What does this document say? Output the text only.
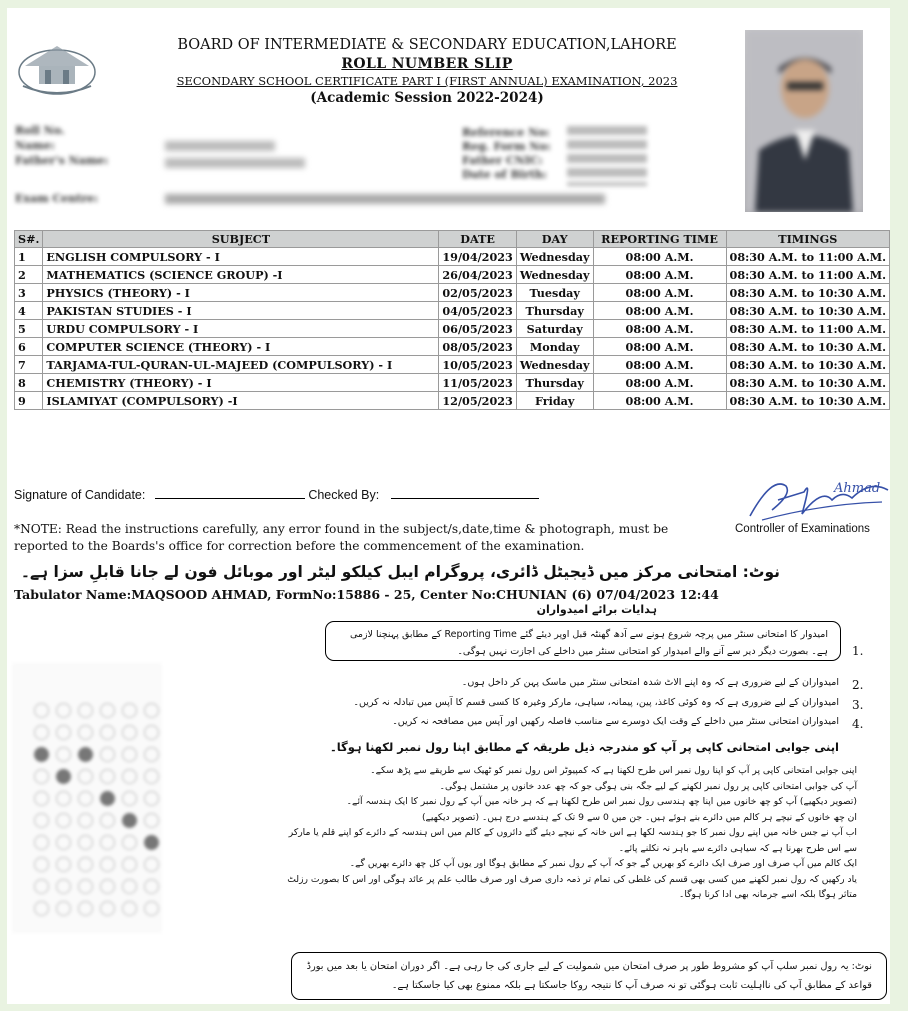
BOARD OF INTERMEDIATE & SECONDARY EDUCATION,LAHORE
ROLL NUMBER SLIP
SECONDARY SCHOOL CERTIFICATE PART I (FIRST ANNUAL) EXAMINATION, 2023
(Academic Session 2022-2024)
Roll No.
Name:
Father's Name:
Exam Centre:
Reference No:
Reg. Form No:
Father CNIC:
Date of Birth:
S#.	SUBJECT	DATE	DAY	REPORTING TIME	TIMINGS
1	ENGLISH COMPULSORY - I	19/04/2023	Wednesday	08:00 A.M.	08:30 A.M. to 11:00 A.M.
2	MATHEMATICS (SCIENCE GROUP) -I	26/04/2023	Wednesday	08:00 A.M.	08:30 A.M. to 11:00 A.M.
3	PHYSICS (THEORY) - I	02/05/2023	Tuesday	08:00 A.M.	08:30 A.M. to 10:30 A.M.
4	PAKISTAN STUDIES - I	04/05/2023	Thursday	08:00 A.M.	08:30 A.M. to 10:30 A.M.
5	URDU COMPULSORY - I	06/05/2023	Saturday	08:00 A.M.	08:30 A.M. to 11:00 A.M.
6	COMPUTER SCIENCE (THEORY) - I	08/05/2023	Monday	08:00 A.M.	08:30 A.M. to 10:30 A.M.
7	TARJAMA-TUL-QURAN-UL-MAJEED (COMPULSORY) - I	10/05/2023	Wednesday	08:00 A.M.	08:30 A.M. to 10:30 A.M.
8	CHEMISTRY (THEORY) - I	11/05/2023	Thursday	08:00 A.M.	08:30 A.M. to 10:30 A.M.
9	ISLAMIYAT (COMPULSORY) -I	12/05/2023	Friday	08:00 A.M.	08:30 A.M. to 10:30 A.M.
Signature of Candidate:	Checked By:	Ahmad
Controller of Examinations
*NOTE: Read the instructions carefully, any error found in the subject/s,date,time & photograph, must be reported to the Boards's office for correction before the commencement of the examination.
نوٹ: امتحانی مرکز میں ڈیجیٹل ڈائری، پروگرام ایبل کیلکو لیٹر اور موبائل فون لے جانا قابلِ سزا ہے۔
Tabulator Name:MAQSOOD AHMAD, FormNo:15886 - 25, Center No:CHUNIAN (6) 07/04/2023 12:44
ہدایات برائے امیدواران
امیدوار کا امتحانی سنٹر میں پرچہ شروع ہونے سے آدھ گھنٹہ قبل اوپر دیئے گئے Reporting Time کے مطابق پہنچنا لازمی ہے۔ بصورت دیگر دیر سے آنے والے امیدوار کو امتحانی سنٹر میں داخلے کی اجازت نہیں ہوگی۔	1.
امیدواران کے لیے ضروری ہے کہ وہ اپنے الاٹ شدہ امتحانی سنٹر میں ماسک پہن کر داخل ہوں۔ 2.
امیدواران کے لیے ضروری ہے کہ وہ کوئی کاغذ، پین، پیمانہ، سیاہی، مارکر وغیرہ کا کسی قسم کا آپس میں تبادلہ نہ کریں۔ 3.
امیدواران امتحانی سنٹر میں داخلے کے وقت ایک دوسرے سے مناسب فاصلہ رکھیں اور آپس میں مصافحہ نہ کریں۔ 4.
اپنی جوابی امتحانی کاپی پر آپ کو مندرجہ ذیل طریقہ کے مطابق اپنا رول نمبر لکھنا ہوگا۔
اپنی جوابی امتحانی کاپی پر آپ کو اپنا رول نمبر اس طرح لکھنا ہے کہ کمپیوٹر اس رول نمبر کو ٹھیک سے طریقے سے پڑھ سکے۔
آپ کی جوابی امتحانی کاپی پر رول نمبر لکھنے کے لیے جگہ بنی ہوگی جو کہ چھ عدد خانوں پر مشتمل ہوگی۔
(تصویر دیکھیے) آپ کو چھ خانوں میں اپنا چھ ہندسی رول نمبر اس طرح لکھنا ہے کہ ہر خانہ میں آپ کے رول نمبر کا ایک ہندسہ آئے۔
ان چھ خانوں کے نیچے ہر کالم میں دائرے بنے ہوئے ہیں۔ جن میں 0 سے 9 تک کے ہندسے درج ہیں۔ (تصویر دیکھیے)
اب آپ نے جس خانہ میں اپنے رول نمبر کا جو ہندسہ لکھا ہے اس خانہ کے نیچے دیئے گئے دائروں کے کالم میں اس ہندسہ کے دائرے کو اپنے قلم یا مارکر سے اس طرح بھرنا ہے کہ سیاہی دائرے سے باہر نہ نکلنے پائے۔
ایک کالم میں آپ صرف اور صرف ایک دائرے کو بھریں گے جو کہ آپ کے رول نمبر کے مطابق ہوگا اور یوں آپ کل چھ دائرے بھریں گے۔
یاد رکھیں کہ رول نمبر لکھنے میں کسی بھی قسم کی غلطی کی تمام تر ذمہ داری صرف اور صرف طالب علم پر عائد ہوگی اور اس کا بصورت رزلٹ متاثر ہوگا بلکہ اسے جرمانہ بھی ادا کرنا ہوگا۔
نوٹ: یہ رول نمبر سلپ آپ کو مشروط طور پر صرف امتحان میں شمولیت کے لیے جاری کی جا رہی ہے۔ اگر دوران امتحان یا بعد میں بورڈ قواعد کے مطابق آپ کی نااہلیت ثابت ہوگئی تو نہ صرف آپ کا نتیجہ روکا جاسکتا ہے بلکہ ممنوع بھی کیا جاسکتا ہے۔
